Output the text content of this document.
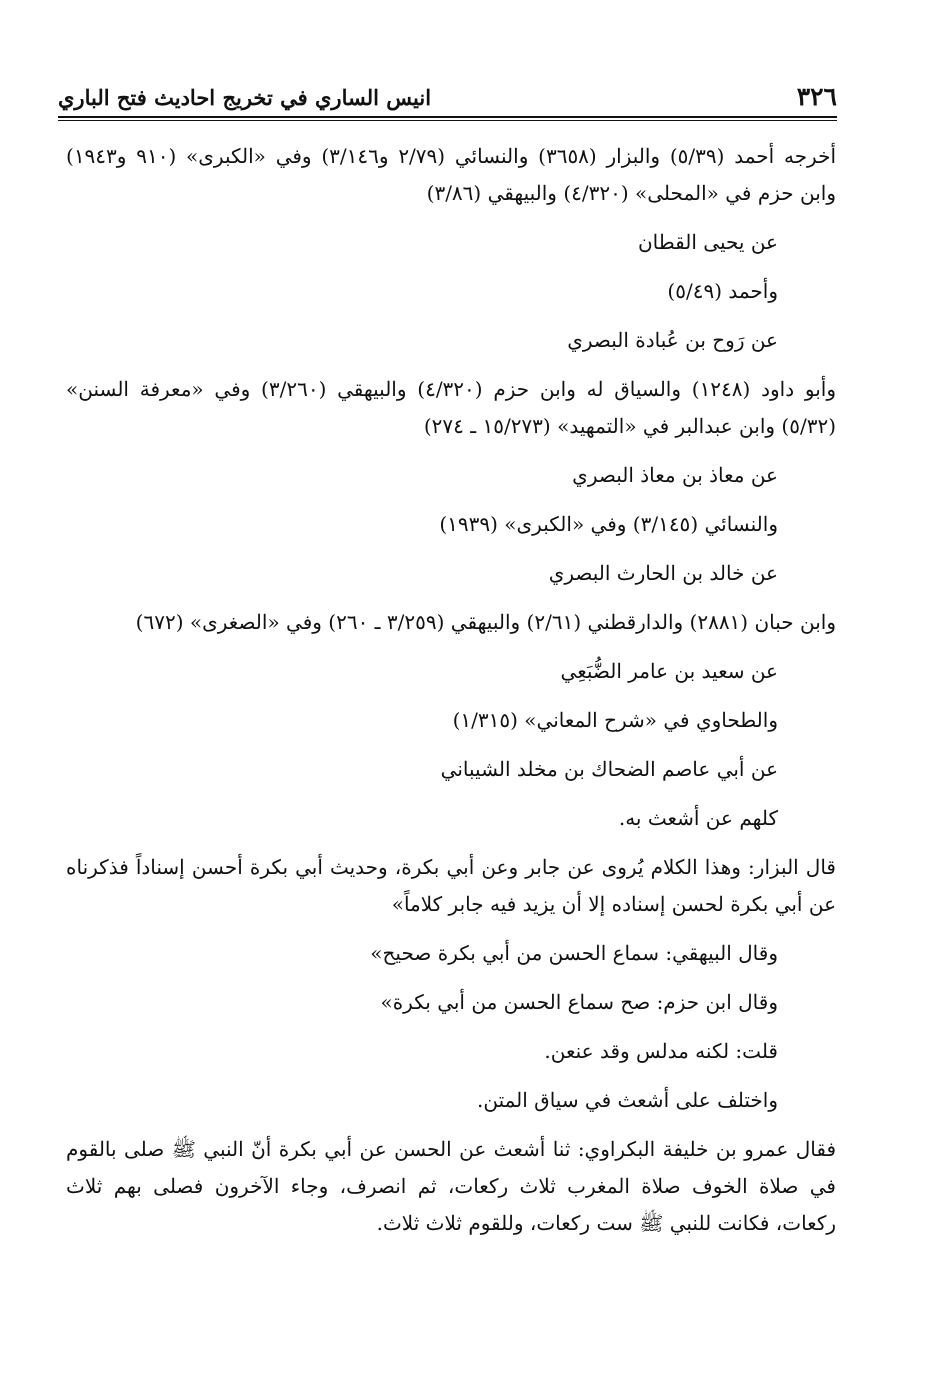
٣٢٦
انيس الساري في تخريج احاديث فتح الباري

أخرجه أحمد (٥/٣٩) والبزار (٣٦٥٨) والنسائي (٢/٧٩ و٣/١٤٦) وفي «الكبرى» (٩١٠ و١٩٤٣) وابن حزم في «المحلى» (٤/٣٢٠) والبيهقي (٣/٨٦)

عن يحيى القطان

وأحمد (٥/٤٩)

عن رَوح بن عُبادة البصري

وأبو داود (١٢٤٨) والسياق له وابن حزم (٤/٣٢٠) والبيهقي (٣/٢٦٠) وفي «معرفة السنن» (٥/٣٢) وابن عبدالبر في «التمهيد» (١٥/٢٧٣ ـ ٢٧٤)

عن معاذ بن معاذ البصري

والنسائي (٣/١٤٥) وفي «الكبرى» (١٩٣٩)

عن خالد بن الحارث البصري

وابن حبان (٢٨٨١) والدارقطني (٢/٦١) والبيهقي (٣/٢٥٩ ـ ٢٦٠) وفي «الصغرى» (٦٧٢)

عن سعيد بن عامر الضُّبَعِي

والطحاوي في «شرح المعاني» (١/٣١٥)

عن أبي عاصم الضحاك بن مخلد الشيباني

كلهم عن أشعث به.

قال البزار: وهذا الكلام يُروى عن جابر وعن أبي بكرة، وحديث أبي بكرة أحسن إسناداً فذكرناه عن أبي بكرة لحسن إسناده إلا أن يزيد فيه جابر كلاماً»

وقال البيهقي: سماع الحسن من أبي بكرة صحيح»

وقال ابن حزم: صح سماع الحسن من أبي بكرة»

قلت: لكنه مدلس وقد عنعن.

واختلف على أشعث في سياق المتن.

فقال عمرو بن خليفة البكراوي: ثنا أشعث عن الحسن عن أبي بكرة أنّ النبي ﷺ صلى بالقوم في صلاة الخوف صلاة المغرب ثلاث ركعات، ثم انصرف، وجاء الآخرون فصلى بهم ثلاث ركعات، فكانت للنبي ﷺ ست ركعات، وللقوم ثلاث ثلاث.
